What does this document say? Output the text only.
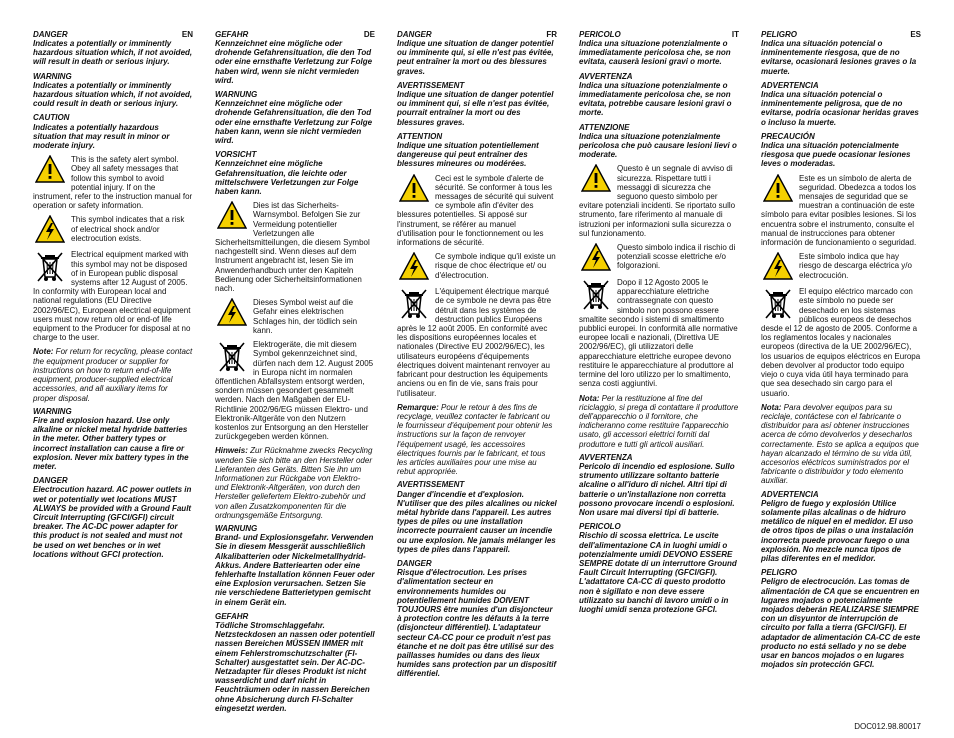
DANGER	EN

Indicates a potentially or imminently hazardous situation which, if not avoided, will result in death or serious injury.

WARNING
Indicates a potentially or imminently hazardous situation which, if not avoided, could result in death or serious injury.
CAUTION
Indicates a potentially hazardous situation that may result in minor or moderate injury.
This is the safety alert symbol. Obey all safety messages that follow this symbol to avoid potential injury. If on the instrument, refer to the instruction manual for operation or safety information.
This symbol indicates that a risk of electrical shock and/or electrocution exists.
Electrical equipment marked with this symbol may not be disposed of in European public disposal systems after 12 August of 2005. In conformity with European local and national regulations (EU Directive 2002/96/EC), European electrical equipment users must now return old or end-of life equipment to the Producer for disposal at no charge to the user.

Note: For return for recycling, please contact the equipment producer or supplier for instructions on how to return end-of-life equipment, producer-supplied electrical accessories, and all auxiliary items for proper disposal.

WARNING
Fire and explosion hazard. Use only alkaline or nickel metal hydride batteries in the meter. Other battery types or incorrect installation can cause a fire or explosion. Never mix battery types in the meter.
DANGER
Electrocution hazard. AC power outlets in wet or potentially wet locations MUST ALWAYS be provided with a Ground Fault Circuit Interrupting (GFCI/GFI) circuit breaker. The AC-DC power adapter for this product is not sealed and must not be used on wet benches or in wet locations without GFCI protection.
GEFAHR	DE

Kennzeichnet eine mögliche oder drohende Gefahrensituation, die den Tod oder eine ernsthafte Verletzung zur Folge haben wird, wenn sie nicht vermieden wird.

WARNUNG
Kennzeichnet eine mögliche oder drohende Gefahrensituation, die den Tod oder eine ernsthafte Verletzung zur Folge haben kann, wenn sie nicht vermieden wird.
VORSICHT
Kennzeichnet eine mögliche Gefahrensituation, die leichte oder mittelschwere Verletzungen zur Folge haben kann.
Dies ist das Sicherheits-Warnsymbol. Befolgen Sie zur Vermeidung potentieller Verletzungen alle Sicherheitsmitteilungen, die diesem Symbol nachgestellt sind. Wenn dieses auf dem Instrument angebracht ist, lesen Sie im Anwenderhandbuch unter den Kapiteln Bedienung oder Sicherheitsinformationen nach.
Dieses Symbol weist auf die Gefahr eines elektrischen Schlages hin, der tödlich sein kann.
Elektrogeräte, die mit diesem Symbol gekennzeichnet sind, dürfen nach dem 12. August 2005 in Europa nicht im normalen öffentlichen Abfallsystem entsorgt werden, sondern müssen gesondert gesammelt werden. Nach den Maßgaben der EU-Richtlinie 2002/96/EG müssen Elektro- und Elektronik-Altgeräte von den Nutzern kostenlos zur Entsorgung an den Hersteller zurückgegeben werden können.

Hinweis: Zur Rücknahme zwecks Recycling wenden Sie sich bitte an den Hersteller oder Lieferanten des Geräts. Bitten Sie ihn um Informationen zur Rückgabe von Elektro- und Elektronik-Altgeräten, von durch den Hersteller geliefertem Elektro-zubehör und von allen Zusatzkomponenten für die ordnungsgemäße Entsorgung.

WARNUNG
Brand- und Explosionsgefahr. Verwenden Sie in diesem Messgerät ausschließlich Alkalibatterien oder Nickelmetallhydrid-Akkus. Andere Batteriearten oder eine fehlerhafte Installation können Feuer oder eine Explosion verursachen. Setzen Sie nie verschiedene Batterietypen gemischt in einem Gerät ein.
GEFAHR
Tödliche Stromschlaggefahr. Netzsteckdosen an nassen oder potentiell nassen Bereichen MÜSSEN IMMER mit einem Fehlerstromschutzschalter (FI-Schalter) ausgestattet sein. Der AC-DC-Netzadapter für dieses Produkt ist nicht wasserdicht und darf nicht in Feuchträumen oder in nassen Bereichen ohne Absicherung durch FI-Schalter eingesetzt werden.
DANGER	FR

Indique une situation de danger potentiel ou imminente qui, si elle n'est pas évitée, peut entraîner la mort ou des blessures graves.

AVERTISSEMENT
Indique une situation de danger potentiel ou imminent qui, si elle n'est pas évitée, pourrait entraîner la mort ou des blessures graves.
ATTENTION
Indique une situation potentiellement dangereuse qui peut entraîner des blessures mineures ou modérées.
Ceci est le symbole d'alerte de sécurité. Se conformer à tous les messages de sécurité qui suivent ce symbole afin d'éviter des blessures potentielles. Si apposé sur l'instrument, se référer au manuel d'utilisation pour le fonctionnement ou les informations de sécurité.
Ce symbole indique qu'il existe un risque de choc électrique et/ ou d'électrocution.
L'équipement électrique marqué de ce symbole ne devra pas être détruit dans les systèmes de destruction publics Européens après le 12 août 2005. En conformité avec les dispositions européennes locales et nationales (Directive EU 2002/96/EC), les utilisateurs européens d'équipements électriques doivent maintenant renvoyer au fabricant pour destruction les équipements anciens ou en fin de vie, sans frais pour l'utilisateur.

Remarque: Pour le retour à des fins de recyclage, veuillez contacter le fabricant ou le fournisseur d'équipement pour obtenir les instructions sur la façon de renvoyer l'équipement usagé, les accessoires électriques fournis par le fabricant, et tous les articles auxiliaires pour une mise au rebut appropriée.

AVERTISSEMENT
Danger d'incendie et d'explosion. N'utiliser que des piles alcalines ou nickel métal hybride dans l'appareil. Les autres types de piles ou une installation incorrecte pourraient causer un incendie ou une explosion. Ne jamais mélanger les types de piles dans l'appareil.
DANGER
Risque d'électrocution. Les prises d'alimentation secteur en environnements humides ou potentiellement humides DOIVENT TOUJOURS être munies d'un disjoncteur à protection contre les défauts à la terre (disjoncteur différentiel). L'adaptateur secteur CA-CC pour ce produit n'est pas étanche et ne doit pas être utilisé sur des paillasses humides ou dans des lieux humides sans protection par un dispositif différentiel.
PERICOLO	IT

Indica una situazione potenzialmente o immediatamente pericolosa che, se non evitata, causerà lesioni gravi o morte.

AVVERTENZA
Indica una situazione potenzialmente o immediatamente pericolosa che, se non evitata, potrebbe causare lesioni gravi o morte.
ATTENZIONE
Indica una situazione potenzialmente pericolosa che può causare lesioni lievi o moderate.
Questo è un segnale di avviso di sicurezza. Rispettare tutti i messaggi di sicurezza che seguono questo simbolo per evitare potenziali incidenti. Se riportato sullo strumento, fare riferimento al manuale di istruzioni per informazioni sulla sicurezza o sul funzionamento.
Questo simbolo indica il rischio di potenziali scosse elettriche e/o folgorazioni.
Dopo il 12 Agosto 2005 le apparecchiature elettriche contrassegnate con questo simbolo non possono essere smaltite secondo i sistemi di smaltimento pubblici europei. In conformità alle normative europee locali e nazionali, (Direttiva UE 2002/96/EC), gli utilizzatori delle apparecchiature elettriche europee devono restituire le apparecchiature al produttore al termine del loro utilizzo per lo smaltimento, senza costi aggiuntivi.

Nota: Per la restituzione al fine del riciclaggio, si prega di contattare il produttore dell'apparecchio o il fornitore, che indicheranno come restituire l'apparecchio usato, gli accessori elettrici forniti dal produttore e tutti gli articoli ausiliari.

AVVERTENZA
Pericolo di incendio ed esplosione. Sullo strumento utilizzare soltanto batterie alcaline o all'iduro di nichel. Altri tipi di batterie o un'installazione non corretta possono provocare incendi o esplosioni. Non usare mai diversi tipi di batterie.
PERICOLO
Rischio di scossa elettrica. Le uscite dell'alimentazione CA in luoghi umidi o potenzialmente umidi DEVONO ESSERE SEMPRE dotate di un interruttore Ground Fault Circuit Interrupting (GFCI/GFI). L'adattatore CA-CC di questo prodotto non è sigillato e non deve essere utilizzato su banchi di lavoro umidi o in luoghi umidi senza protezione GFCI.
PELIGRO	ES

Indica una situación potencial o inminentemente riesgosa, que de no evitarse, ocasionará lesiones graves o la muerte.

ADVERTENCIA
Indica una situación potencial o inminentemente peligrosa, que de no evitarse, podría ocasionar heridas graves o incluso la muerte.
PRECAUCIÓN
Indica una situación potencialmente riesgosa que puede ocasionar lesiones leves o moderadas.
Este es un símbolo de alerta de seguridad. Obedezca a todos los mensajes de seguridad que se muestran a continuación de este símbolo para evitar posibles lesiones. Si los encuentra sobre el instrumento, consulte el manual de instrucciones para obtener información de funcionamiento o seguridad.
Este símbolo indica que hay riesgo de descarga eléctrica y/o electrocución.
El equipo eléctrico marcado con este símbolo no puede ser desechado en los sistemas públicos europeos de desechos desde el 12 de agosto de 2005. Conforme a los reglamentos locales y nacionales europeos (directiva de la UE 2002/96/EC), los usuarios de equipos eléctricos en Europa deben devolver al productor todo equipo viejo o cuya vida útil haya terminado para que sea desechado sin cargo para el usuario.

Nota: Para devolver equipos para su reciclaje, contáctese con el fabricante o distribuidor para así obtener instrucciones acerca de cómo devolverlos y desecharlos correctamente. Esto se aplica a equipos que hayan alcanzado el término de su vida útil, accesorios eléctricos suministrados por el fabricante o distribuidor y todo elemento auxiliar.

ADVERTENCIA
Peligro de fuego y explosión Utilice solamente pilas alcalinas o de hidruro metálico de níquel en el medidor. El uso de otros tipos de pilas o una instalación incorrecta puede provocar fuego o una explosión. No mezcle nunca tipos de pilas diferentes en el medidor.
PELIGRO
Peligro de electrocución. Las tomas de alimentación de CA que se encuentren en lugares mojados o potencialmente mojados deberán REALIZARSE SIEMPRE con un disyuntor de interrupción de circuito por falla a tierra (GFCI/GFI). El adaptador de alimentación CA-CC de este producto no está sellado y no se debe usar en bancos mojados o en lugares mojados sin protección GFCI.
DOC012.98.80017
